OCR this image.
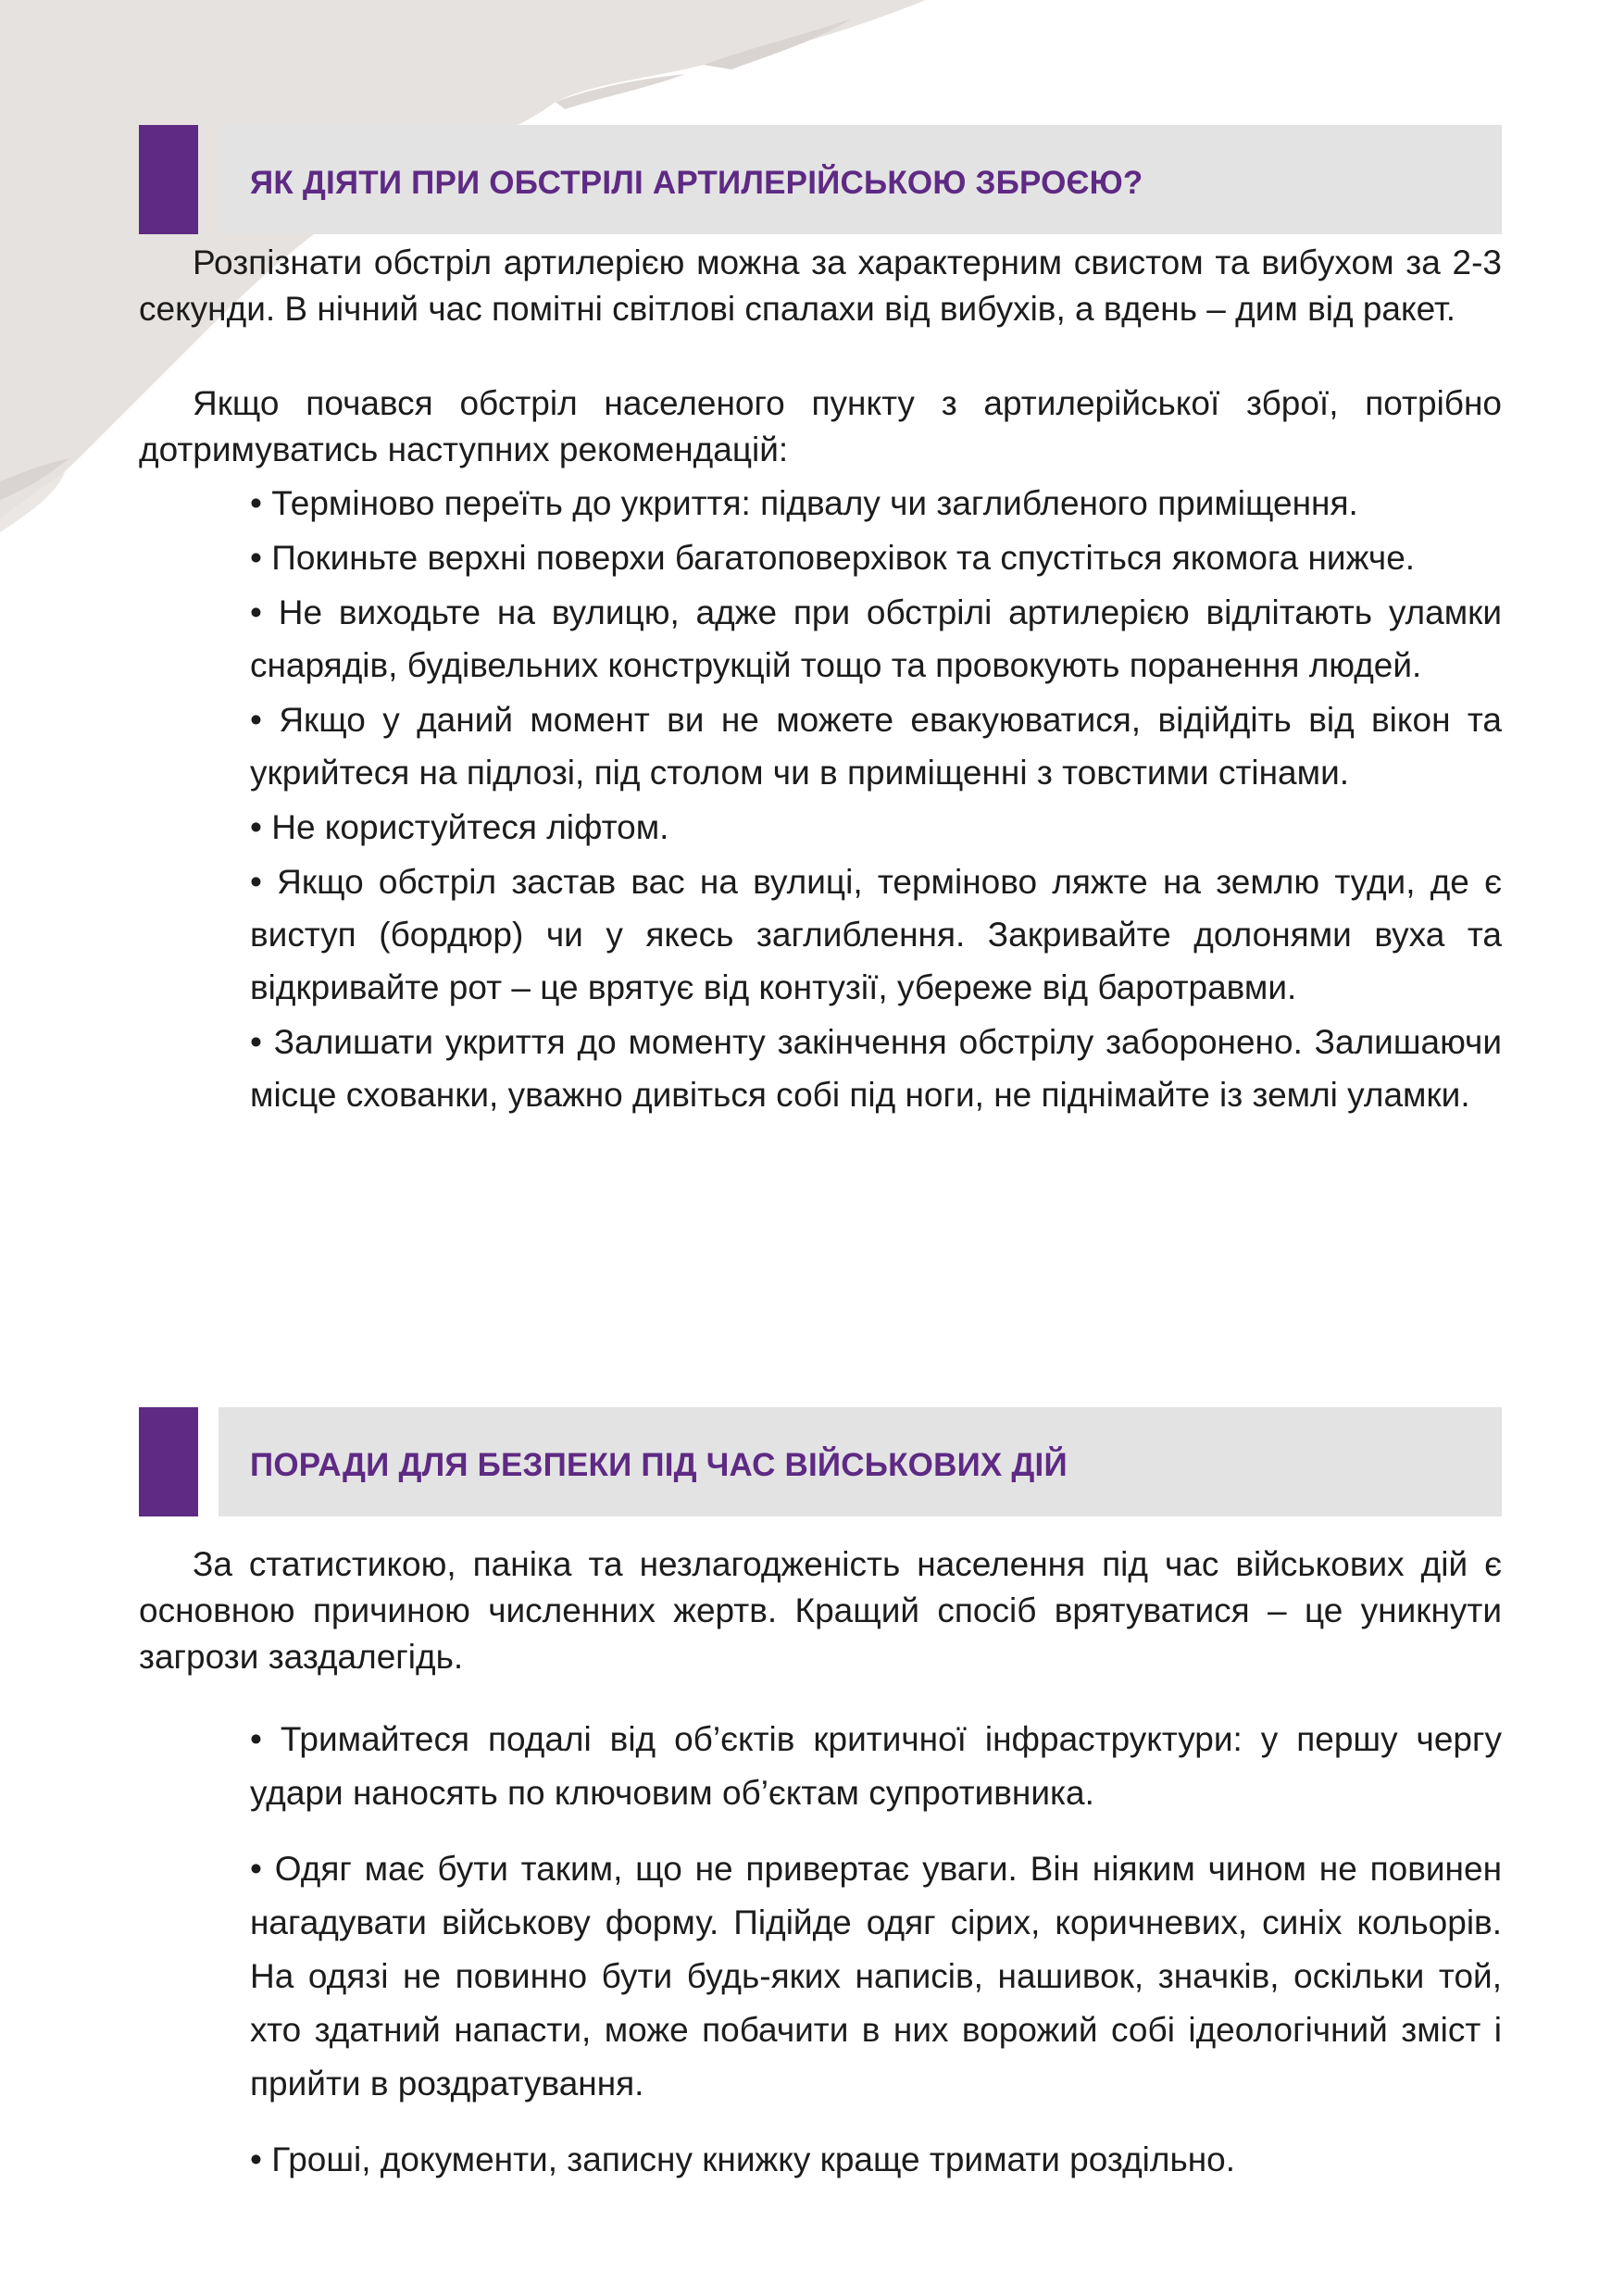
ЯК ДІЯТИ ПРИ ОБСТРІЛІ АРТИЛЕРІЙСЬКОЮ ЗБРОЄЮ?

Розпізнати обстріл артилерією можна за характерним свистом та вибухом за 2-3 секунди. В нічний час помітні світлові спалахи від вибухів, а вдень – дим від ракет.

Якщо почався обстріл населеного пункту з артилерійської зброї, потрібно дотримуватись наступних рекомендацій:

• Терміново переїть до укриття: підвалу чи заглибленого приміщення.
• Покиньте верхні поверхи багатоповерхівок та спустіться якомога нижче.
• Не виходьте на вулицю, адже при обстрілі артилерією відлітають уламки снарядів, будівельних конструкцій тощо та провокують поранення людей.
• Якщо у даний момент ви не можете евакуюватися, відійдіть від вікон та укрийтеся на підлозі, під столом чи в приміщенні з товстими стінами.
• Не користуйтеся ліфтом.
• Якщо обстріл застав вас на вулиці, терміново ляжте на землю туди, де є виступ (бордюр) чи у якесь заглиблення. Закривайте долонями вуха та відкривайте рот – це врятує від контузії, убереже від баротравми.
• Залишати укриття до моменту закінчення обстрілу заборонено. Залишаючи місце схованки, уважно дивіться собі під ноги, не піднімайте із землі уламки.
ПОРАДИ ДЛЯ БЕЗПЕКИ ПІД ЧАС ВІЙСЬКОВИХ ДІЙ

За статистикою, паніка та незлагодженість населення під час військових дій є основною причиною численних жертв. Кращий спосіб врятуватися – це уникнути загрози заздалегідь.

• Тримайтеся подалі від об’єктів критичної інфраструктури: у першу чергу удари наносять по ключовим об’єктам супротивника.
• Одяг має бути таким, що не привертає уваги. Він ніяким чином не повинен нагадувати військову форму. Підійде одяг сірих, коричневих, синіх кольорів. На одязі не повинно бути будь-яких написів, нашивок, значків, оскільки той, хто здатний напасти, може побачити в них ворожий собі ідеологічний зміст і прийти в роздратування.
• Гроші, документи, записну книжку краще тримати роздільно.
